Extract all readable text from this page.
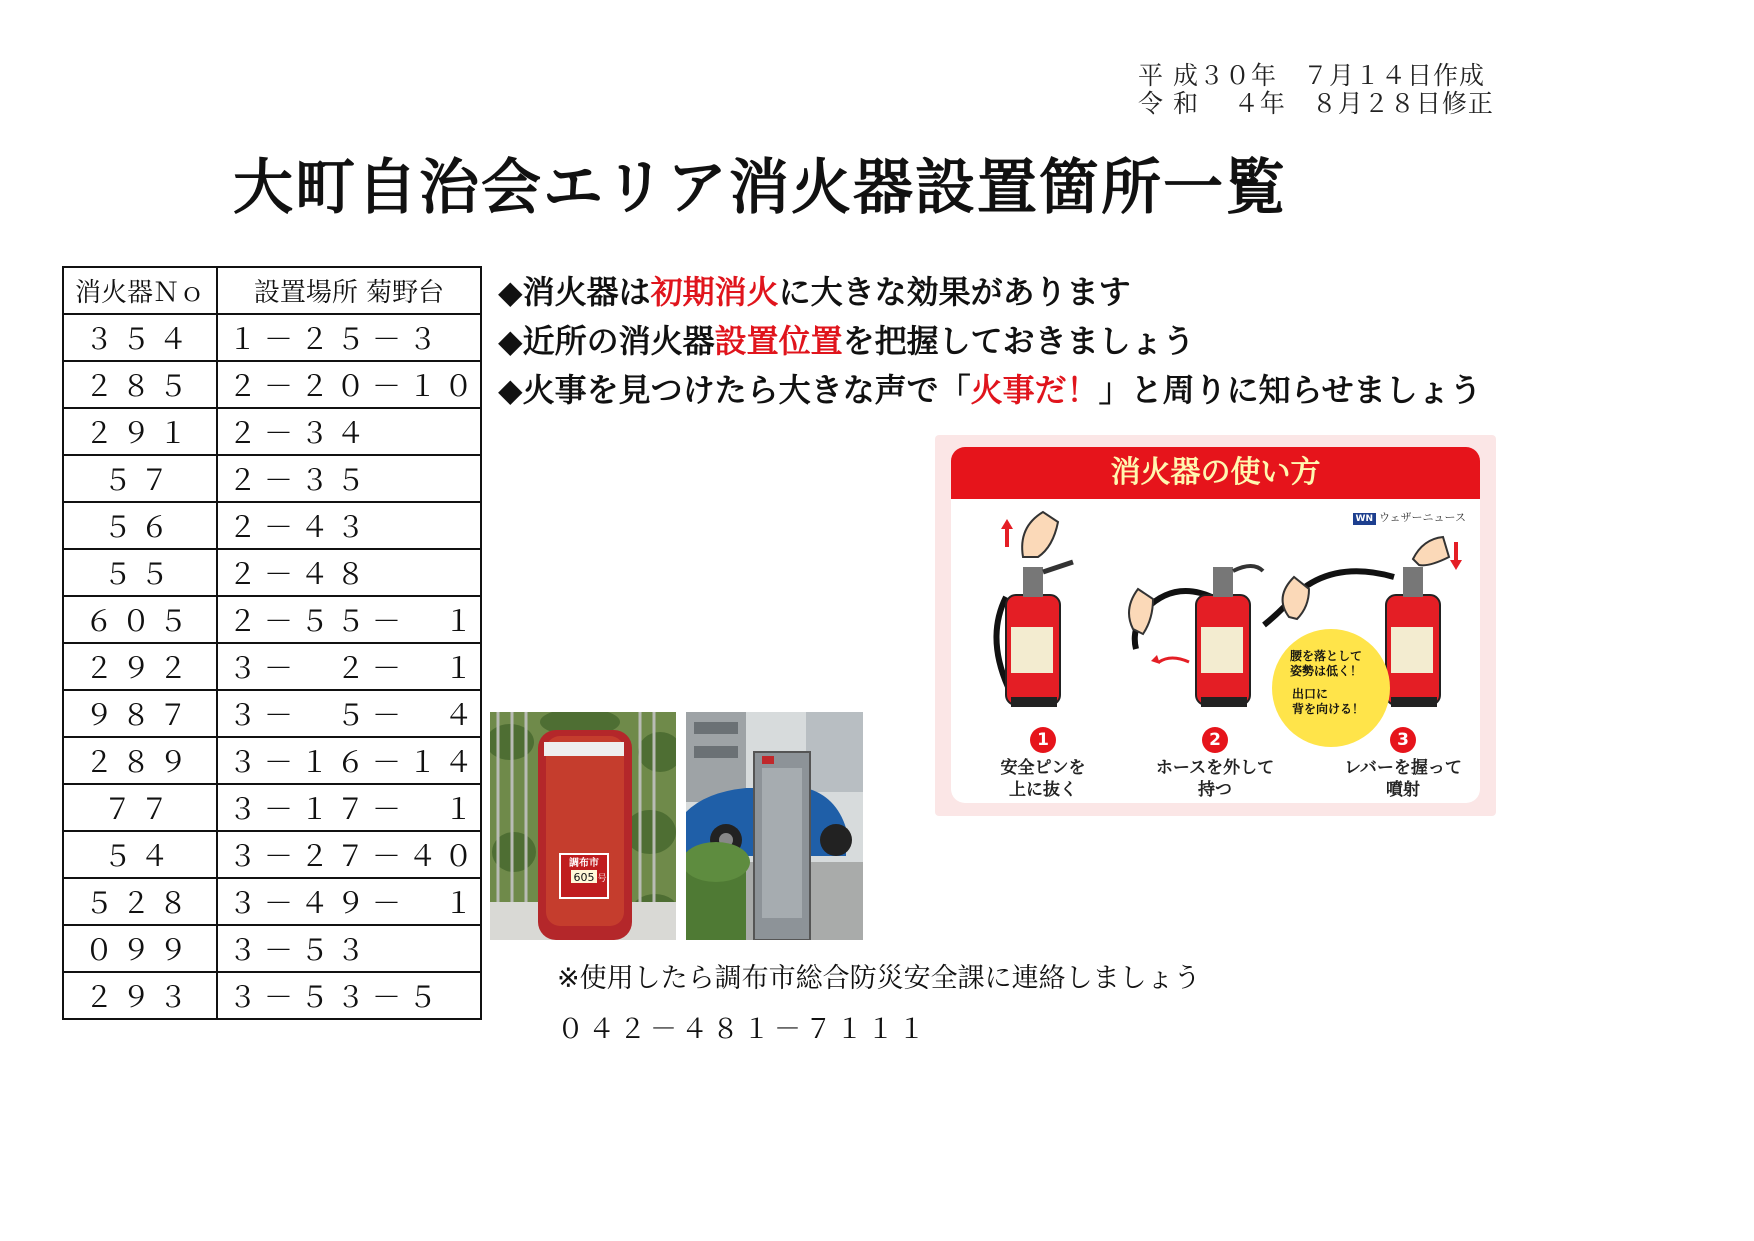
平 成３０年　７月１４日作成
令 和　 ４年　８月２８日修正
大町自治会エリア消火器設置箇所一覧
消火器Ｎｏ	設置場所 菊野台
３５４	１－２５－３
２８５	２－２０－１０
２９１	２－３４
５７	２－３５
５６	２－４３
５５	２－４８
６０５	２－５５－　１
２９２	３－　２－　１
９８７	３－　５－　４
２８９	３－１６－１４
７７	３－１７－　１
５４	３－２７－４０
５２８	３－４９－　１
０９９	３－５３
２９３	３－５３－５
◆消火器は初期消火に大きな効果があります
◆近所の消火器設置位置を把握しておきましょう
◆火事を見つけたら大きな声で「火事だ！」と周りに知らせましょう
消火器の使い方
WN ウェザーニュース
腰を落として
姿勢は低く！
出口に
背を向ける！
1
安全ピンを
上に抜く
2
ホースを外して
持つ
3
レバーを握って
噴射
調布市
605 号
※使用したら調布市総合防災安全課に連絡しましょう
０４２－４８１－７１１１
